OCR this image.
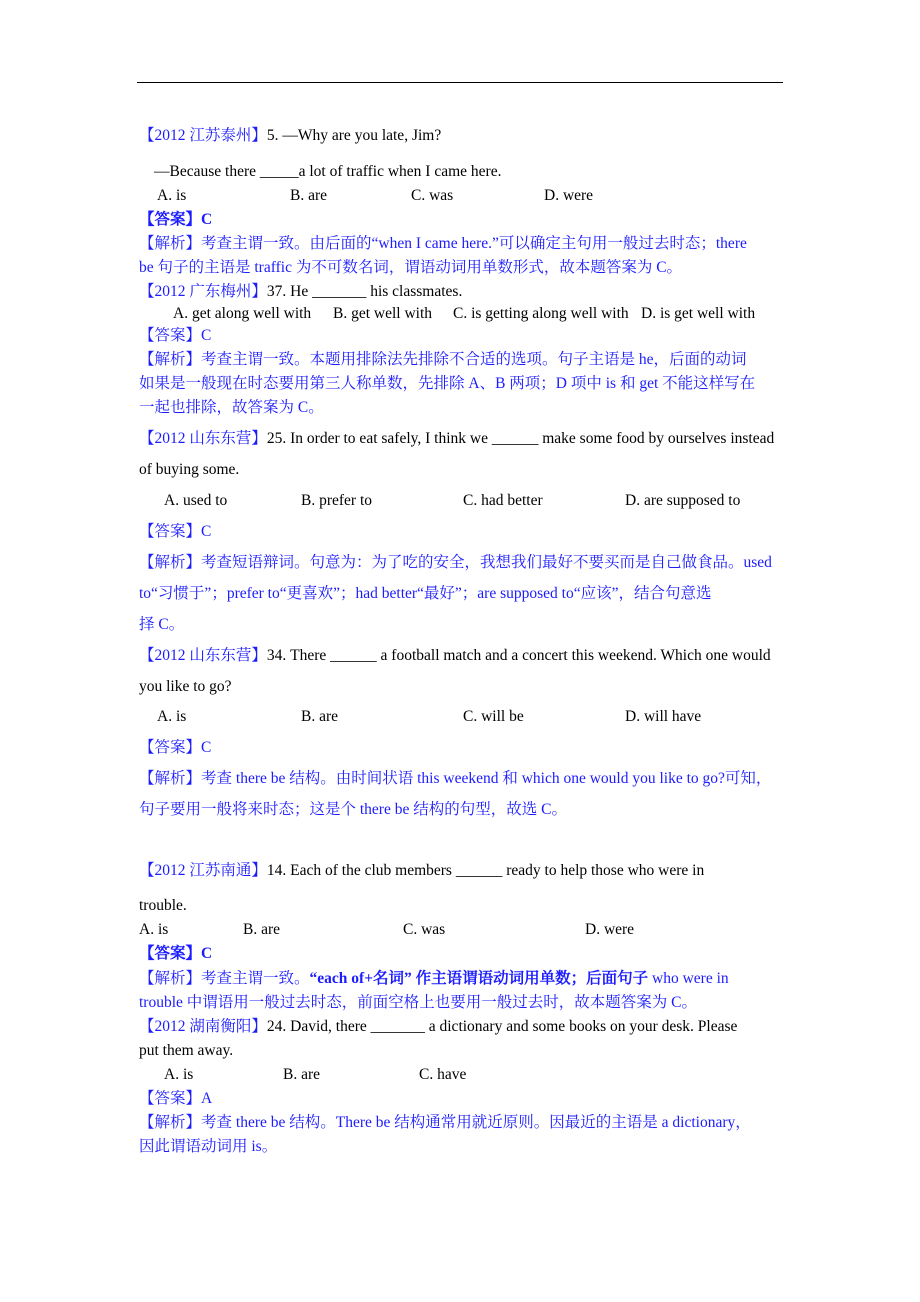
【2012 江苏泰州】5. —Why are you late, Jim?
—Because there _____a lot of traffic when I came here.
A. is	B. are	C. was	D. were
【答案】C
【解析】考查主谓一致。由后面的“when I came here.”可以确定主句用一般过去时态；there
be 句子的主语是 traffic 为不可数名词，谓语动词用单数形式，故本题答案为 C。
【2012 广东梅州】37. He _______ his classmates.
A. get along well with B. get well with C. is getting along well with D. is get well with
【答案】C
【解析】考查主谓一致。本题用排除法先排除不合适的选项。句子主语是 he，后面的动词
如果是一般现在时态要用第三人称单数，先排除 A、B 两项；D 项中 is 和 get 不能这样写在
一起也排除，故答案为 C。
【2012 山东东营】25. In order to eat safely, I think we ______ make some food by ourselves instead
of buying some.
A. used to	B. prefer to	C. had better	D. are supposed to
【答案】C
【解析】考查短语辩词。句意为：为了吃的安全，我想我们最好不要买而是自己做食品。used
to“习惯于”；prefer to“更喜欢”；had better“最好”；are supposed to“应该”，结合句意选
择 C。
【2012 山东东营】34. There ______ a football match and a concert this weekend. Which one would
you like to go?
A. is	B. are	C. will be	D. will have
【答案】C
【解析】考查 there be 结构。由时间状语 this weekend 和 which one would you like to go?可知，
句子要用一般将来时态；这是个 there be 结构的句型，故选 C。
【2012 江苏南通】14. Each of the club members ______ ready to help those who were in
trouble.
A. is	B. are	C. was	D. were
【答案】C
【解析】考查主谓一致。“each of+名词” 作主语谓语动词用单数；后面句子 who were in
trouble 中谓语用一般过去时态，前面空格上也要用一般过去时，故本题答案为 C。
【2012 湖南衡阳】24. David, there _______ a dictionary and some books on your desk. Please
put them away.
A. is	B. are	C. have
【答案】A
【解析】考查 there be 结构。There be 结构通常用就近原则。因最近的主语是 a dictionary，
因此谓语动词用 is。
